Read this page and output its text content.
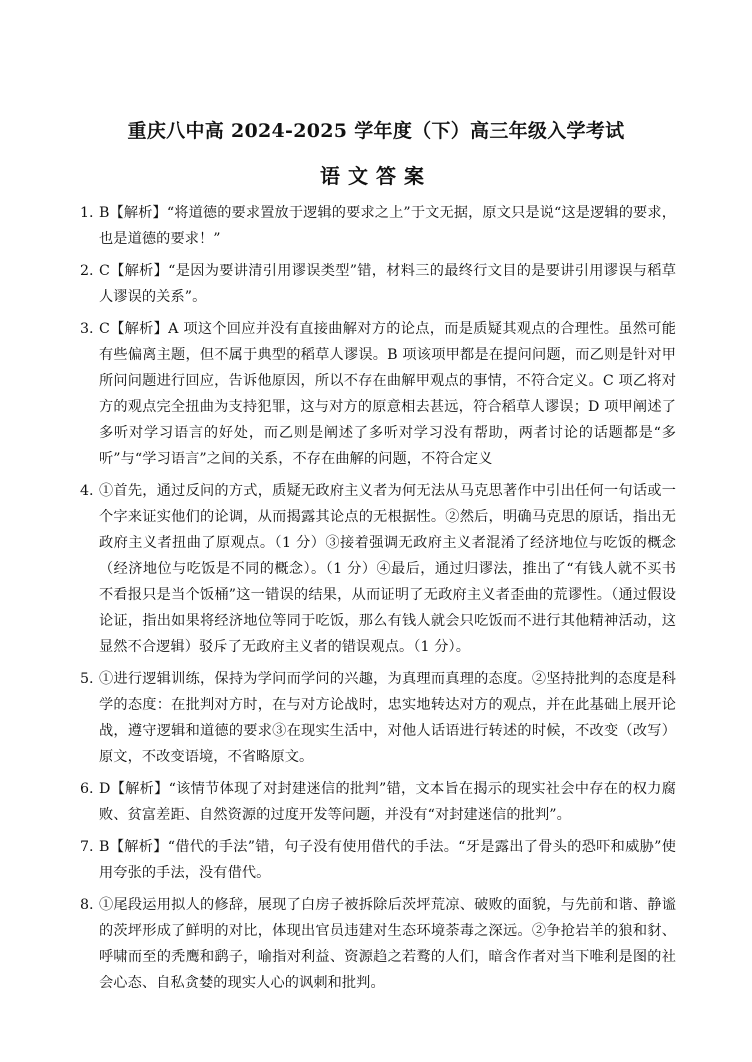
重庆八中高 2024-2025 学年度（下）高三年级入学考试
语文答案
1. B【解析】“将道德的要求置放于逻辑的要求之上”于文无据，原文只是说“这是逻辑的要求，也是道德的要求！”
2. C【解析】“是因为要讲清引用谬误类型”错，材料三的最终行文目的是要讲引用谬误与稻草人谬误的关系”。
3. C【解析】A 项这个回应并没有直接曲解对方的论点，而是质疑其观点的合理性。虽然可能有些偏离主题，但不属于典型的稻草人谬误。B 项该项甲都是在提问问题，而乙则是针对甲所问问题进行回应，告诉他原因，所以不存在曲解甲观点的事情，不符合定义。C 项乙将对方的观点完全扭曲为支持犯罪，这与对方的原意相去甚远，符合稻草人谬误；D 项甲阐述了多听对学习语言的好处，而乙则是阐述了多听对学习没有帮助，两者讨论的话题都是“多听”与“学习语言”之间的关系，不存在曲解的问题，不符合定义
4. ①首先，通过反问的方式，质疑无政府主义者为何无法从马克思著作中引出任何一句话或一个字来证实他们的论调，从而揭露其论点的无根据性。②然后，明确马克思的原话，指出无政府主义者扭曲了原观点。（1 分）③接着强调无政府主义者混淆了经济地位与吃饭的概念（经济地位与吃饭是不同的概念）。（1 分）④最后，通过归谬法，推出了“有钱人就不买书不看报只是当个饭桶”这一错误的结果，从而证明了无政府主义者歪曲的荒谬性。（通过假设论证，指出如果将经济地位等同于吃饭，那么有钱人就会只吃饭而不进行其他精神活动，这显然不合逻辑）驳斥了无政府主义者的错误观点。（1 分）。
5. ①进行逻辑训练，保持为学问而学问的兴趣，为真理而真理的态度。②坚持批判的态度是科学的态度：在批判对方时，在与对方论战时，忠实地转达对方的观点，并在此基础上展开论战，遵守逻辑和道德的要求③在现实生活中，对他人话语进行转述的时候，不改变（改写）原文，不改变语境，不省略原文。
6. D【解析】“该情节体现了对封建迷信的批判”错，文本旨在揭示的现实社会中存在的权力腐败、贫富差距、自然资源的过度开发等问题，并没有“对封建迷信的批判”。
7. B【解析】“借代的手法”错，句子没有使用借代的手法。“牙是露出了骨头的恐吓和威胁”使用夸张的手法，没有借代。
8. ①尾段运用拟人的修辞，展现了白房子被拆除后茨坪荒凉、破败的面貌，与先前和谐、静谧的茨坪形成了鲜明的对比，体现出官员违建对生态环境荼毒之深远。②争抢岩羊的狼和豺、呼啸而至的秃鹰和鹞子，喻指对利益、资源趋之若鹜的人们，暗含作者对当下唯利是图的社会心态、自私贪婪的现实人心的讽刺和批判。
